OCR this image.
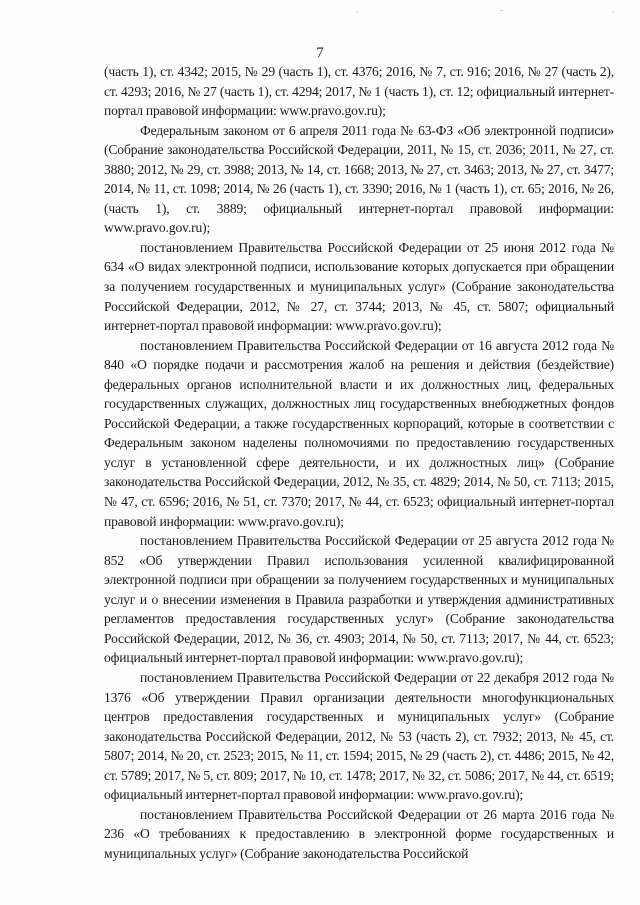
.	-	.
7

(часть 1), ст. 4342; 2015, № 29 (часть 1), ст. 4376; 2016, № 7, ст. 916; 2016, № 27 (часть 2), ст. 4293; 2016, № 27 (часть 1), ст. 4294; 2017, № 1 (часть 1), ст. 12; официальный интернет-портал правовой информации: www.pravo.gov.ru);

Федеральным законом от 6 апреля 2011 года № 63-ФЗ «Об электронной подписи» (Собрание законодательства Российской Федерации, 2011, № 15, ст. 2036; 2011, № 27, ст. 3880; 2012, № 29, ст. 3988; 2013, № 14, ст. 1668; 2013, № 27, ст. 3463; 2013, № 27, ст. 3477; 2014, № 11, ст. 1098; 2014, № 26 (часть 1), ст. 3390; 2016, № 1 (часть 1), ст. 65; 2016, № 26, (часть 1), ст. 3889; официальный интернет-портал правовой информации: www.pravo.gov.ru);

постановлением Правительства Российской Федерации от 25 июня 2012 года № 634 «О видах электронной подписи, использование которых допускается при обращении за получением государственных и муниципальных услуг» (Собрание законодательства Российской Федерации, 2012, № 27, ст. 3744; 2013, № 45, ст. 5807; официальный интернет-портал правовой информации: www.pravo.gov.ru);

постановлением Правительства Российской Федерации от 16 августа 2012 года № 840 «О порядке подачи и рассмотрения жалоб на решения и действия (бездействие) федеральных органов исполнительной власти и их должностных лиц, федеральных государственных служащих, должностных лиц государственных внебюджетных фондов Российской Федерации, а также государственных корпораций, которые в соответствии с Федеральным законом наделены полномочиями по предоставлению государственных услуг в установленной сфере деятельности, и их должностных лиц» (Собрание законодательства Российской Федерации, 2012, № 35, ст. 4829; 2014, № 50, ст. 7113; 2015, № 47, ст. 6596; 2016, № 51, ст. 7370; 2017, № 44, ст. 6523; официальный интернет-портал правовой информации: www.pravo.gov.ru);

постановлением Правительства Российской Федерации от 25 августа 2012 года № 852 «Об утверждении Правил использования усиленной квалифицированной электронной подписи при обращении за получением государственных и муниципальных услуг и о внесении изменения в Правила разработки и утверждения административных регламентов предоставления государственных услуг» (Собрание законодательства Российской Федерации, 2012, № 36, ст. 4903; 2014, № 50, ст. 7113; 2017, № 44, ст. 6523; официальный интернет-портал правовой информации: www.pravo.gov.ru);

постановлением Правительства Российской Федерации от 22 декабря 2012 года № 1376 «Об утверждении Правил организации деятельности многофункциональных центров предоставления государственных и муниципальных услуг» (Собрание законодательства Российской Федерации, 2012, № 53 (часть 2), ст. 7932; 2013, № 45, ст. 5807; 2014, № 20, ст. 2523; 2015, № 11, ст. 1594; 2015, № 29 (часть 2), ст. 4486; 2015, № 42, ст. 5789; 2017, № 5, ст. 809; 2017, № 10, ст. 1478; 2017, № 32, ст. 5086; 2017, № 44, ст. 6519; официальный интернет-портал правовой информации: www.pravo.gov.ru);

постановлением Правительства Российской Федерации от 26 марта 2016 года № 236 «О требованиях к предоставлению в электронной форме государственных и муниципальных услуг» (Собрание законодательства Российской
